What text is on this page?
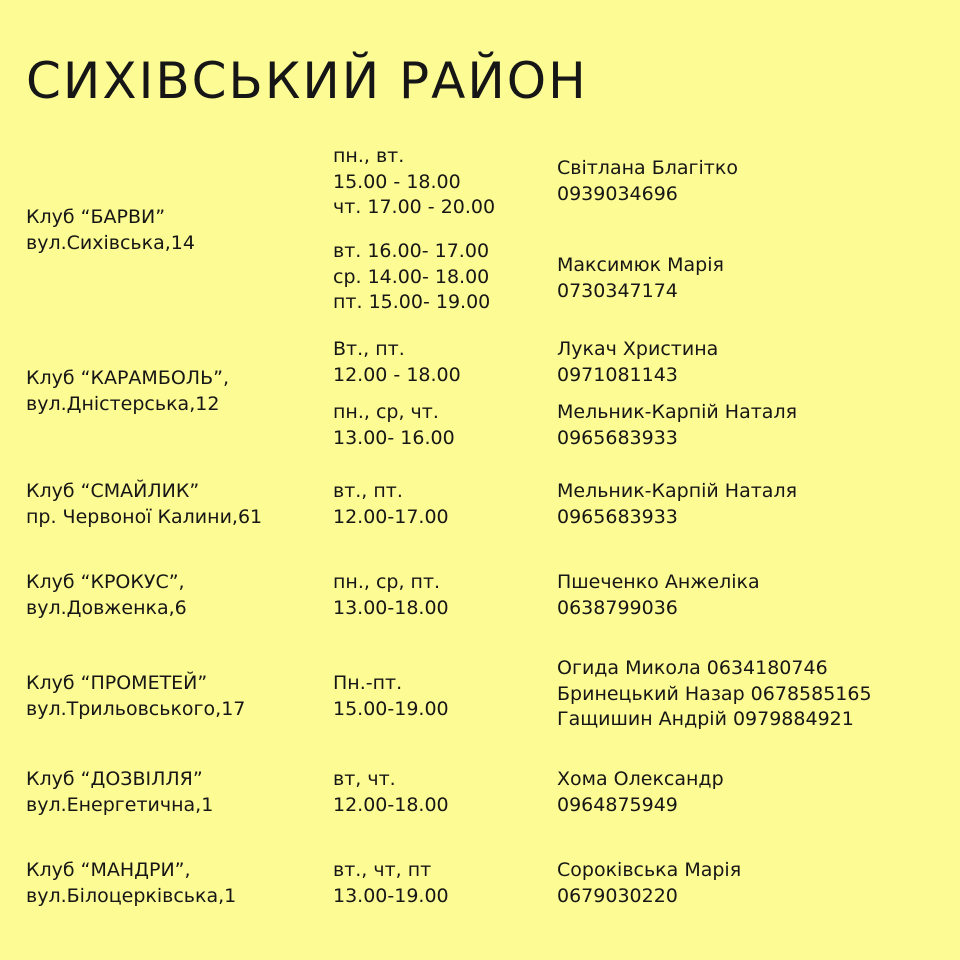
СИХІВСЬКИЙ РАЙОН
Клуб “БАРВИ”
вул.Сихівська,14
пн., вт.
15.00 - 18.00
чт. 17.00 - 20.00
Світлана Благітко
0939034696
вт. 16.00- 17.00
ср. 14.00- 18.00
пт. 15.00- 19.00
Максимюк Марія
0730347174
Клуб “КАРАМБОЛЬ”,
вул.Дністерська,12
Вт., пт.
12.00 - 18.00
Лукач Христина
0971081143
пн., ср, чт.
13.00- 16.00
Мельник-Карпій Наталя
0965683933
Клуб “СМАЙЛИК”
пр. Червоної Калини,61
вт., пт.
12.00-17.00
Мельник-Карпій Наталя
0965683933
Клуб “КРОКУС”,
вул.Довженка,6
пн., ср, пт.
13.00-18.00
Пшеченко Анжеліка
0638799036
Клуб “ПРОМЕТЕЙ”
вул.Трильовського,17
Пн.-пт.
15.00-19.00
Огида Микола 0634180746
Бринецький Назар 0678585165
Гащишин Андрій 0979884921
Клуб “ДОЗВІЛЛЯ”
вул.Енергетична,1
вт, чт.
12.00-18.00
Хома Олександр
0964875949
Клуб “МАНДРИ”,
вул.Білоцерківська,1
вт., чт, пт
13.00-19.00
Сороківська Марія
0679030220
